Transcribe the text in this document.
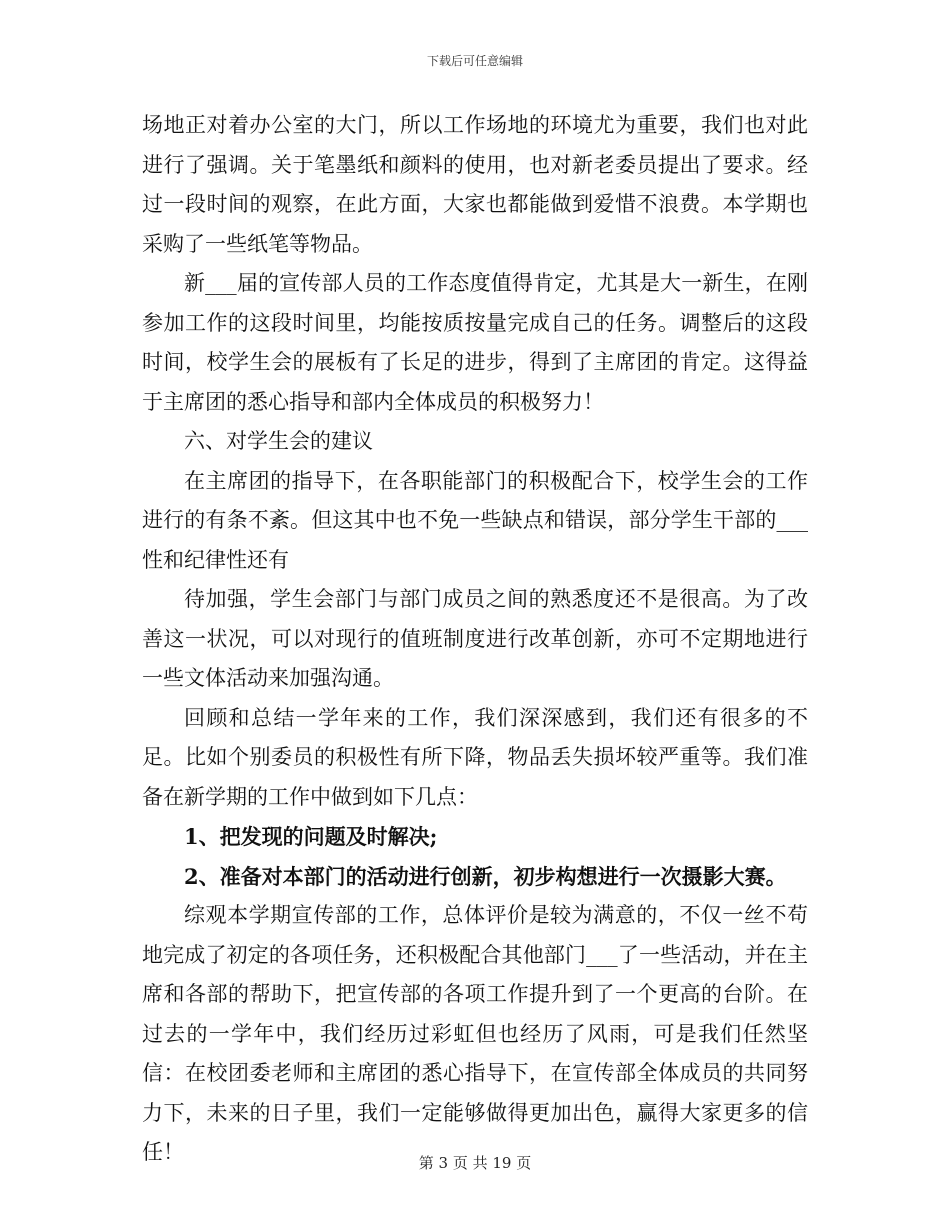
下载后可任意编辑

场地正对着办公室的大门，所以工作场地的环境尤为重要，我们也对此进行了强调。关于笔墨纸和颜料的使用，也对新老委员提出了要求。经过一段时间的观察，在此方面，大家也都能做到爱惜不浪费。本学期也采购了一些纸笔等物品。

新___届的宣传部人员的工作态度值得肯定，尤其是大一新生，在刚参加工作的这段时间里，均能按质按量完成自己的任务。调整后的这段时间，校学生会的展板有了长足的进步，得到了主席团的肯定。这得益于主席团的悉心指导和部内全体成员的积极努力！

六、对学生会的建议

在主席团的指导下，在各职能部门的积极配合下，校学生会的工作进行的有条不紊。但这其中也不免一些缺点和错误，部分学生干部的___性和纪律性还有

待加强，学生会部门与部门成员之间的熟悉度还不是很高。为了改善这一状况，可以对现行的值班制度进行改革创新，亦可不定期地进行一些文体活动来加强沟通。

回顾和总结一学年来的工作，我们深深感到，我们还有很多的不足。比如个别委员的积极性有所下降，物品丢失损坏较严重等。我们准备在新学期的工作中做到如下几点：

1、把发现的问题及时解决;

2、准备对本部门的活动进行创新，初步构想进行一次摄影大赛。

综观本学期宣传部的工作，总体评价是较为满意的，不仅一丝不苟地完成了初定的各项任务，还积极配合其他部门___了一些活动，并在主席和各部的帮助下，把宣传部的各项工作提升到了一个更高的台阶。在过去的一学年中，我们经历过彩虹但也经历了风雨，可是我们任然坚信：在校团委老师和主席团的悉心指导下，在宣传部全体成员的共同努力下，未来的日子里，我们一定能够做得更加出色，赢得大家更多的信任！	第 3 页 共 19 页
